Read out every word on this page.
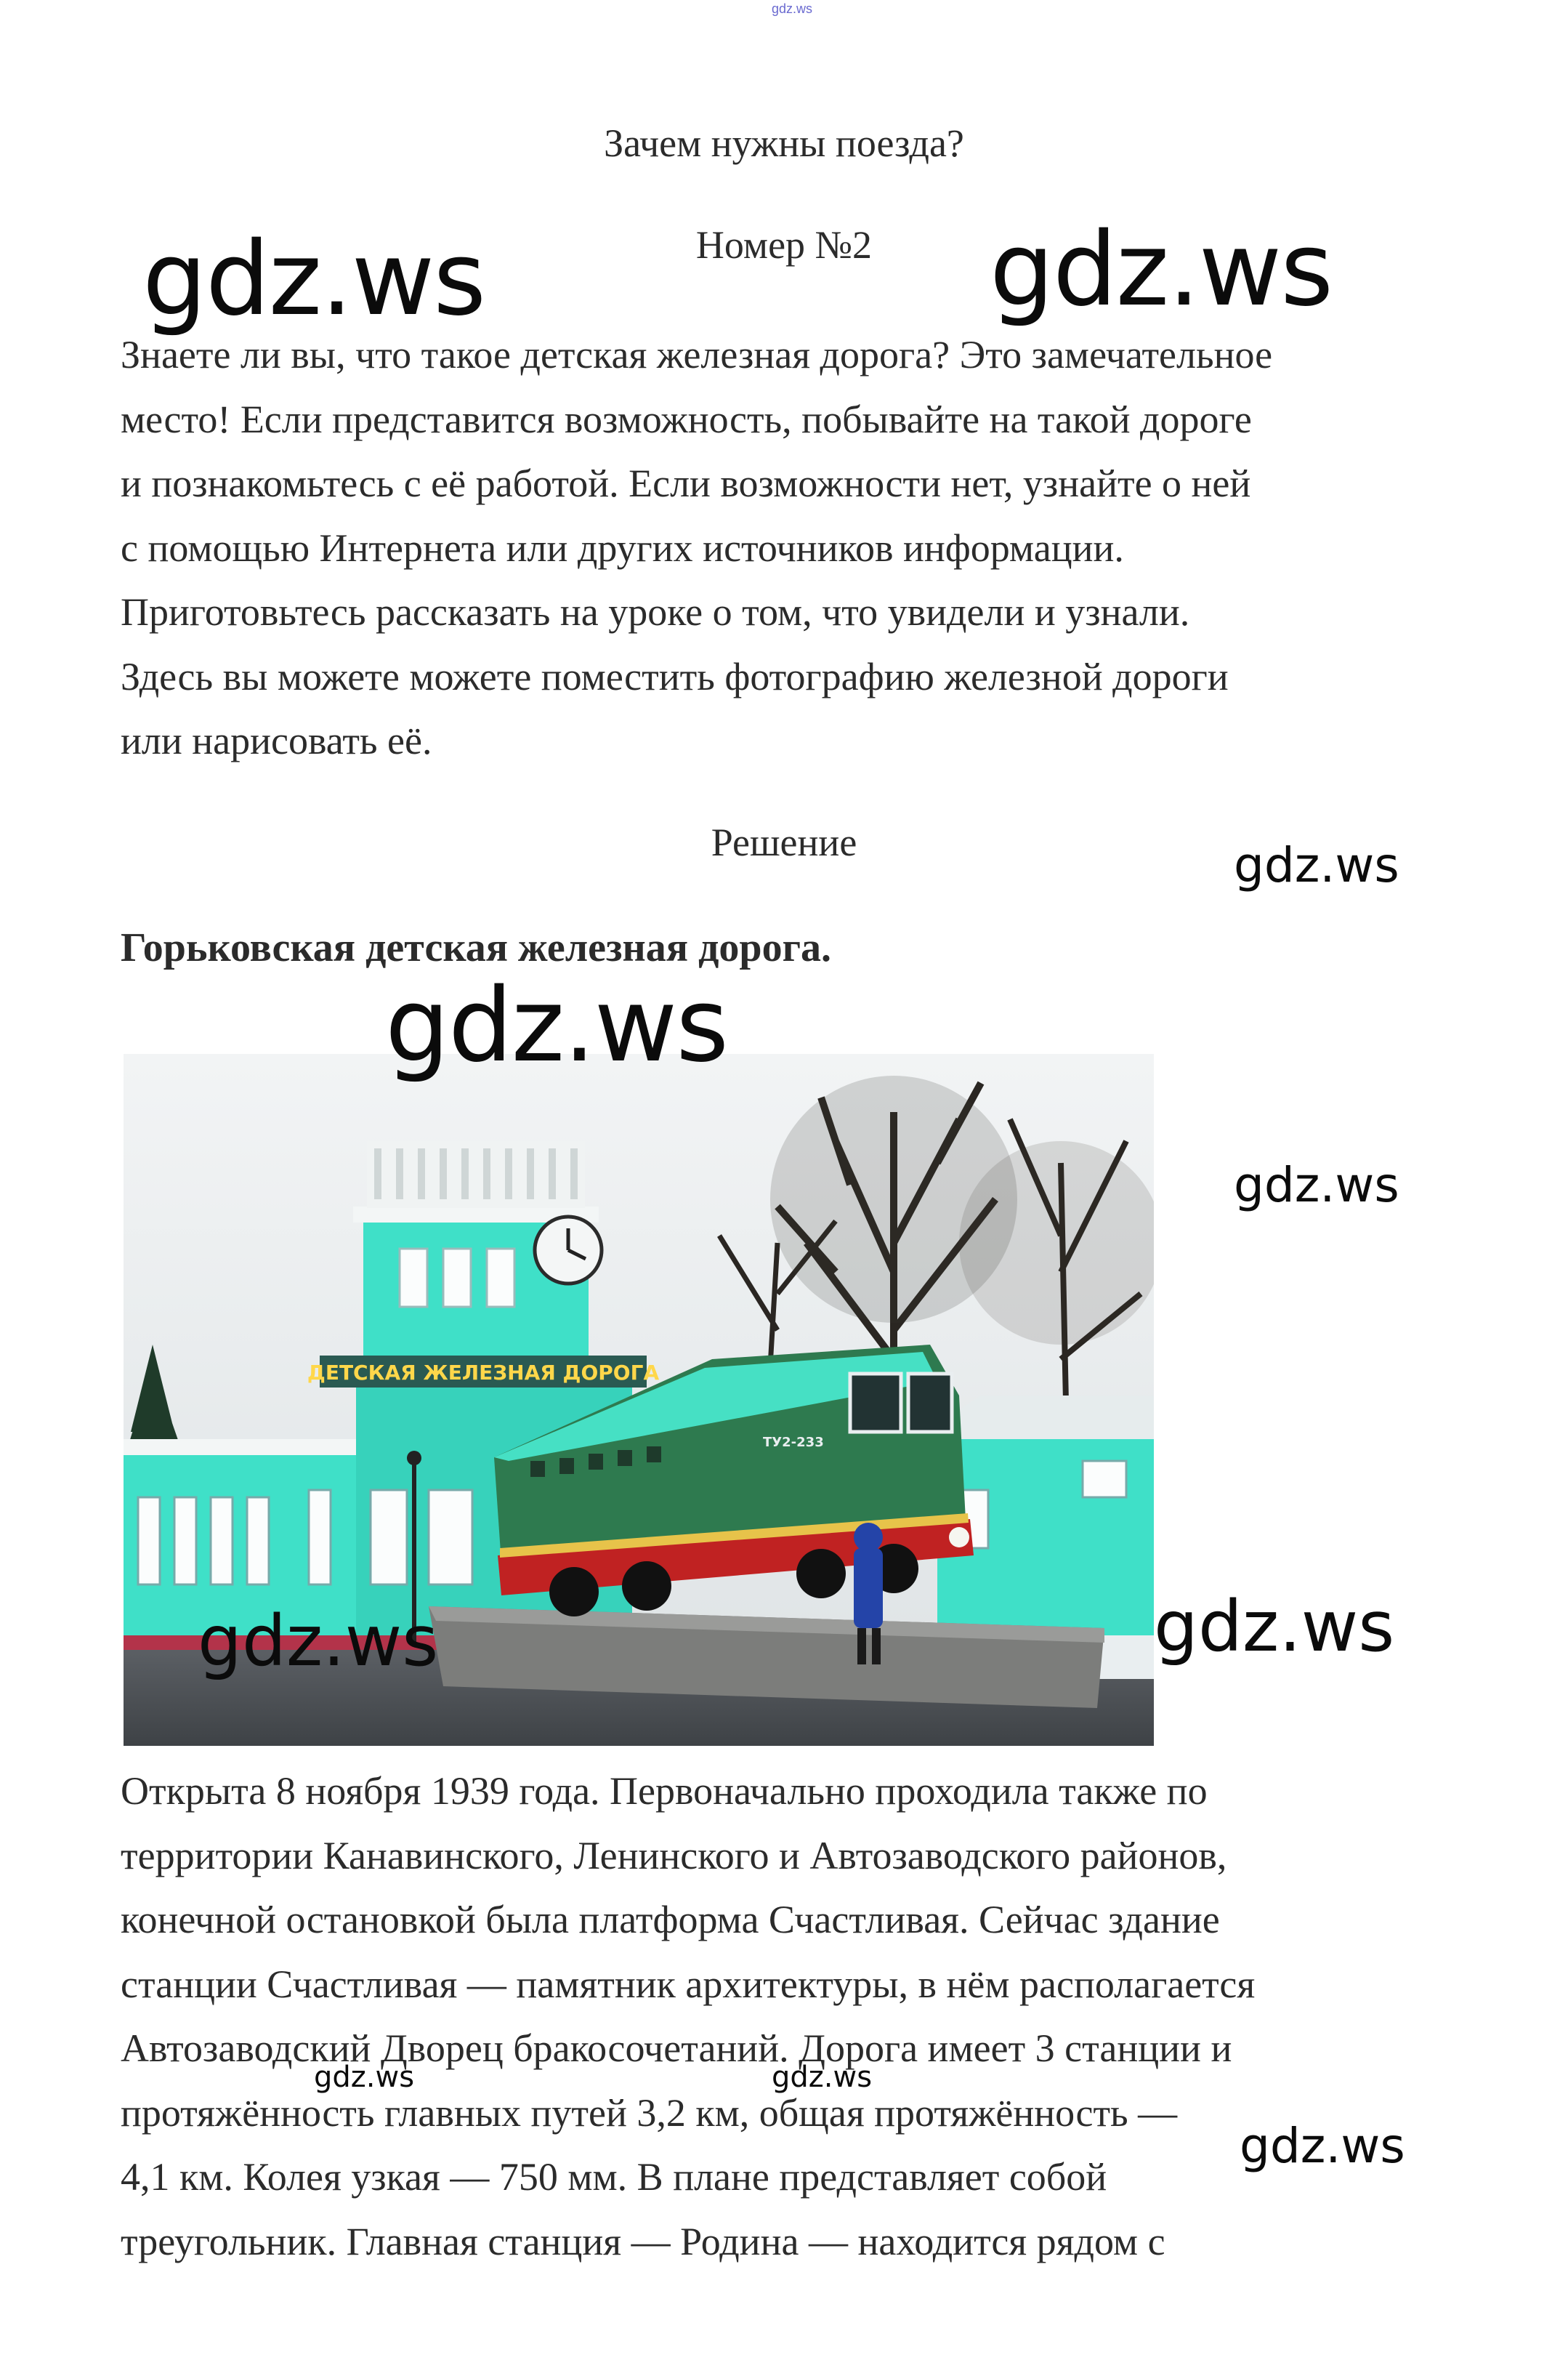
gdz.ws
Зачем нужны поезда?
Номер №2
Знаете ли вы, что такое детская железная дорога? Это замечательное
место! Если представится возможность, побывайте на такой дороге
и познакомьтесь с её работой. Если возможности нет, узнайте о ней
с помощью Интернета или других источников информации.
Приготовьтесь рассказать на уроке о том, что увидели и узнали.
Здесь вы можете можете поместить фотографию железной дороги
или нарисовать её.
Решение
Горьковская детская железная дорога.
ДЕТСКАЯ ЖЕЛЕЗНАЯ ДОРОГА
ТУ2-233
Открыта 8 ноября 1939 года. Первоначально проходила также по
территории Канавинского, Ленинского и Автозаводского районов,
конечной остановкой была платформа Счастливая. Сейчас здание
станции Счастливая — памятник архитектуры, в нём располагается
Автозаводский Дворец бракосочетаний. Дорога имеет 3 станции и
протяжённость главных путей 3,2 км, общая протяжённость —
4,1 км. Колея узкая — 750 мм. В плане представляет собой
треугольник. Главная станция — Родина — находится рядом с
gdz.ws	gdz.ws
gdz.ws
gdz.ws
gdz.ws
gdz.ws	gdz.ws
gdz.ws	gdz.ws
gdz.ws
